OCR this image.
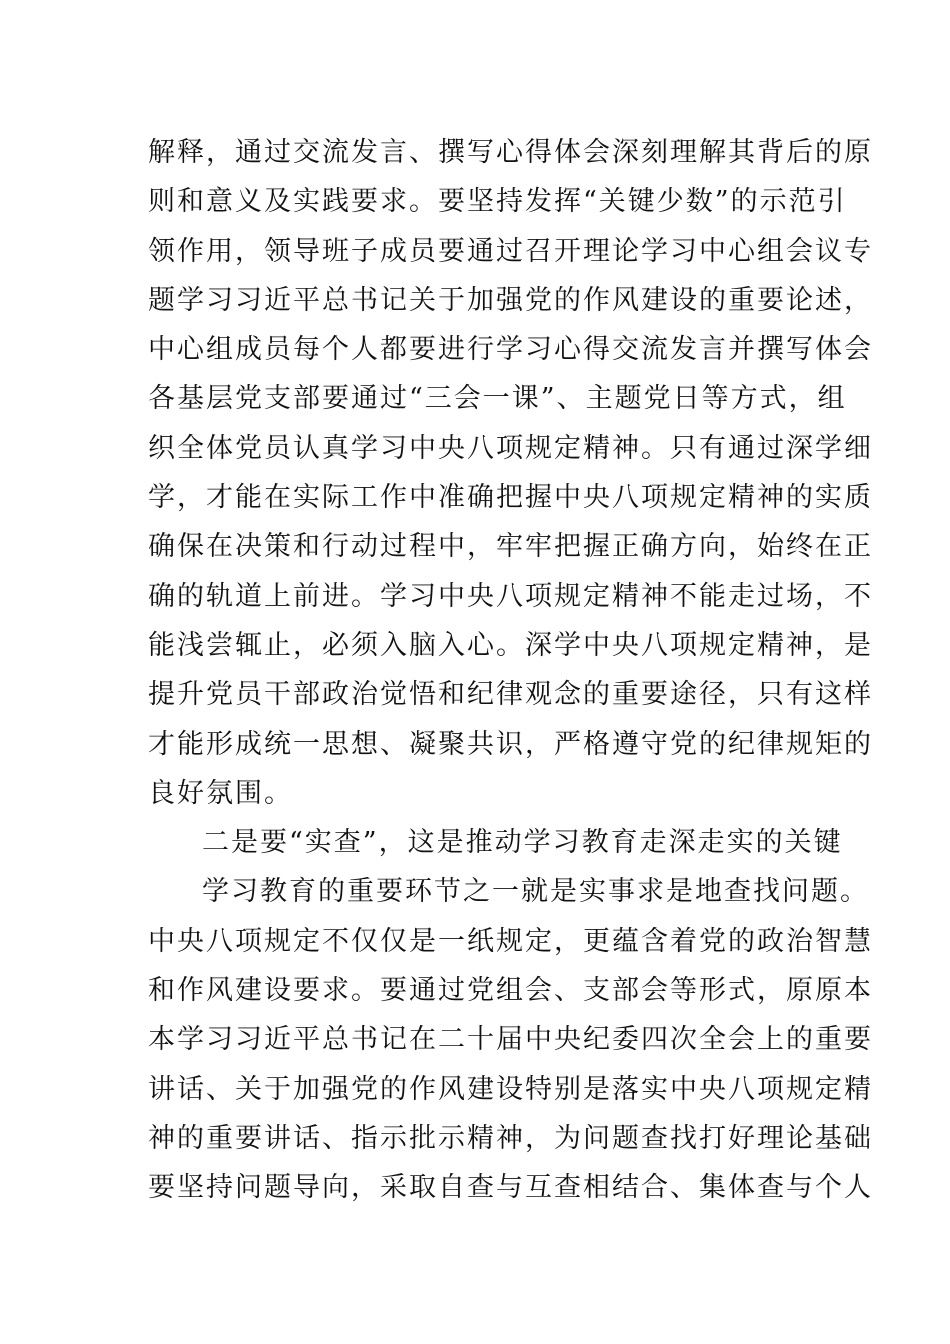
解释，通过交流发言、撰写心得体会深刻理解其背后的原
则和意义及实践要求。要坚持发挥“关键少数”的示范引
领作用，领导班子成员要通过召开理论学习中心组会议专
题学习习近平总书记关于加强党的作风建设的重要论述，
中心组成员每个人都要进行学习心得交流发言并撰写体会
各基层党支部要通过“三会一课”、主题党日等方式，组
织全体党员认真学习中央八项规定精神。只有通过深学细
学，才能在实际工作中准确把握中央八项规定精神的实质
确保在决策和行动过程中，牢牢把握正确方向，始终在正
确的轨道上前进。学习中央八项规定精神不能走过场，不
能浅尝辄止，必须入脑入心。深学中央八项规定精神，是
提升党员干部政治觉悟和纪律观念的重要途径，只有这样
才能形成统一思想、凝聚共识，严格遵守党的纪律规矩的
良好氛围。
二是要“实查”，这是推动学习教育走深走实的关键
学习教育的重要环节之一就是实事求是地查找问题。
中央八项规定不仅仅是一纸规定，更蕴含着党的政治智慧
和作风建设要求。要通过党组会、支部会等形式，原原本
本学习习近平总书记在二十届中央纪委四次全会上的重要
讲话、关于加强党的作风建设特别是落实中央八项规定精
神的重要讲话、指示批示精神，为问题查找打好理论基础
要坚持问题导向，采取自查与互查相结合、集体查与个人
